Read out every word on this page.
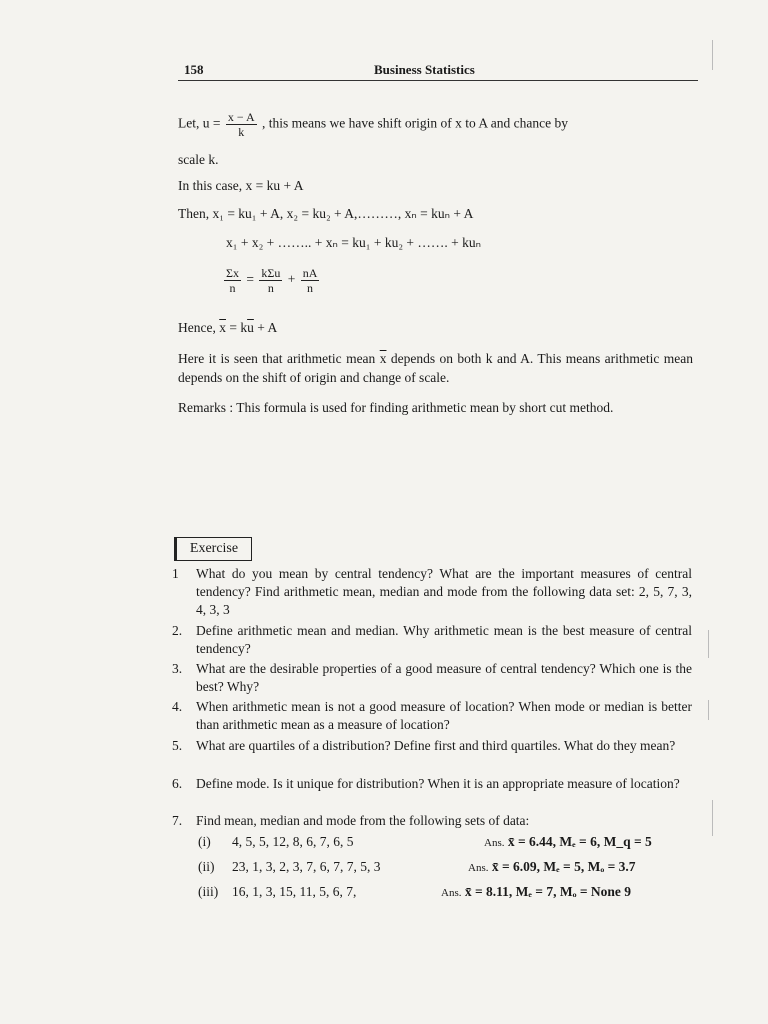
158	Business Statistics
Let, $u = \frac{x - A}{k}$ , this means we have shift origin of x to A and chance by
scale k.
In this case, x = ku + A
Then, x₁ = ku₁ + A, x₂ = ku₂ + A,………, xₙ = kuₙ + A
x₁ + x₂ + …….. + xₙ = ku₁ + ku₂ + ……. + kuₙ
$\frac{\Sigma x}{n} = \frac{\text{kΣu}}{n} + \frac{nA}{n}$
Hence, $\overline{x} = k\overline{u} + A$
Here it is seen that arithmetic mean $\overline{x}$ depends on both k and A. This means arithmetic mean depends on the shift of origin and change of scale.
Remarks : This formula is used for finding arithmetic mean by short cut method.
Exercise
1	What do you mean by central tendency? What are the important measures of central tendency? Find arithmetic mean, median and mode from the following data set: 2, 5, 7, 3, 4, 3, 3
2.	Define arithmetic mean and median. Why arithmetic mean is the best measure of central tendency?
3.	What are the desirable properties of a good measure of central tendency? Which one is the best? Why?
4.	When arithmetic mean is not a good measure of location? When mode or median is better than arithmetic mean as a measure of location?
5.	What are quartiles of a distribution? Define first and third quartiles. What do they mean?
6.	Define mode. Is it unique for distribution? When it is an appropriate measure of location?
7.	Find mean, median and mode from the following sets of data:
(i) 4, 5, 5, 12, 8, 6, 7, 6, 5	Ans. x̄ = 6.44, Mₑ = 6, M_q = 5
(ii) 23, 1, 3, 2, 3, 7, 6, 7, 7, 5, 3	Ans. x̄ = 6.09, Mₑ = 5, Mₒ = 3.7
(iii) 16, 1, 3, 15, 11, 5, 6, 7,	Ans. x̄ = 8.11, Mₑ = 7, Mₒ = None 9
